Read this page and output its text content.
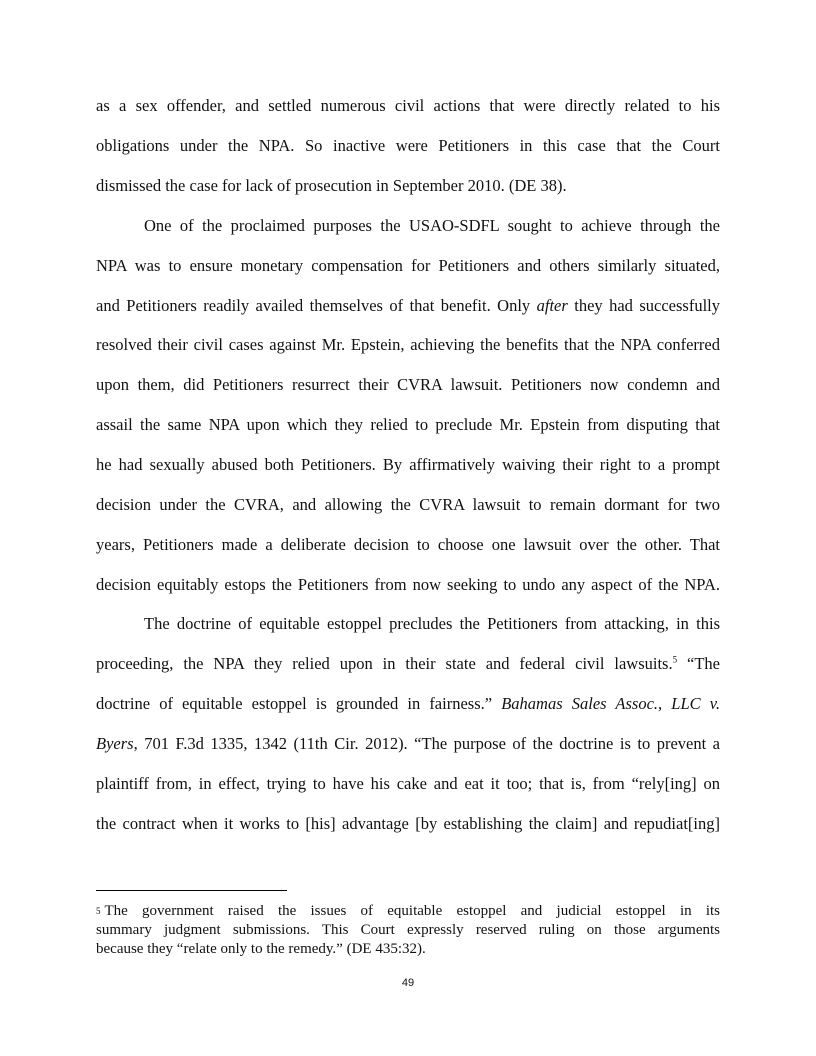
as a sex offender, and settled numerous civil actions that were directly related to his

obligations under the NPA. So inactive were Petitioners in this case that the Court

dismissed the case for lack of prosecution in September 2010. (DE 38).

One of the proclaimed purposes the USAO-SDFL sought to achieve through the

NPA was to ensure monetary compensation for Petitioners and others similarly situated,

and Petitioners readily availed themselves of that benefit. Only after they had successfully

resolved their civil cases against Mr. Epstein, achieving the benefits that the NPA conferred

upon them, did Petitioners resurrect their CVRA lawsuit. Petitioners now condemn and

assail the same NPA upon which they relied to preclude Mr. Epstein from disputing that

he had sexually abused both Petitioners. By affirmatively waiving their right to a prompt

decision under the CVRA, and allowing the CVRA lawsuit to remain dormant for two

years, Petitioners made a deliberate decision to choose one lawsuit over the other. That

decision equitably estops the Petitioners from now seeking to undo any aspect of the NPA.

The doctrine of equitable estoppel precludes the Petitioners from attacking, in this

proceeding, the NPA they relied upon in their state and federal civil lawsuits.$^5$ “The

doctrine of equitable estoppel is grounded in fairness.” Bahamas Sales Assoc., LLC v.

Byers, 701 F.3d 1335, 1342 (11th Cir. 2012). “The purpose of the doctrine is to prevent a

plaintiff from, in effect, trying to have his cake and eat it too; that is, from “rely[ing] on

the contract when it works to [his] advantage [by establishing the claim] and repudiat[ing]

5 The government raised the issues of equitable estoppel and judicial estoppel in its

summary judgment submissions. This Court expressly reserved ruling on those arguments

because they “relate only to the remedy.” (DE 435:32).

49
